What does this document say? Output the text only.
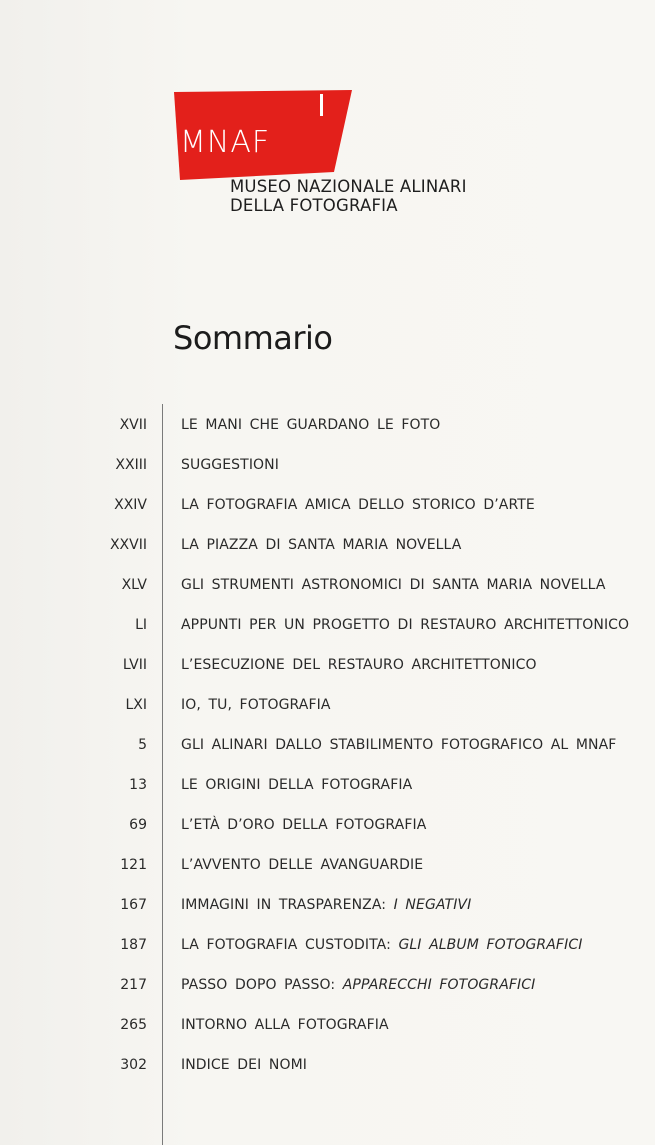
MNAF
MUSEO NAZIONALE ALINARI
DELLA FOTOGRAFIA
Sommario
XVII LE MANI CHE GUARDANO LE FOTO
XXIII SUGGESTIONI
XXIV LA FOTOGRAFIA AMICA DELLO STORICO D’ARTE
XXVII LA PIAZZA DI SANTA MARIA NOVELLA
XLV GLI STRUMENTI ASTRONOMICI DI SANTA MARIA NOVELLA
LI APPUNTI PER UN PROGETTO DI RESTAURO ARCHITETTONICO
LVII L’ESECUZIONE DEL RESTAURO ARCHITETTONICO
LXI IO, TU, FOTOGRAFIA
5 GLI ALINARI DALLO STABILIMENTO FOTOGRAFICO AL MNAF
13 LE ORIGINI DELLA FOTOGRAFIA
69 L’ETÀ D’ORO DELLA FOTOGRAFIA
121 L’AVVENTO DELLE AVANGUARDIE
167 IMMAGINI IN TRASPARENZA: I NEGATIVI
187 LA FOTOGRAFIA CUSTODITA: GLI ALBUM FOTOGRAFICI
217 PASSO DOPO PASSO: APPARECCHI FOTOGRAFICI
265 INTORNO ALLA FOTOGRAFIA
302 INDICE DEI NOMI
